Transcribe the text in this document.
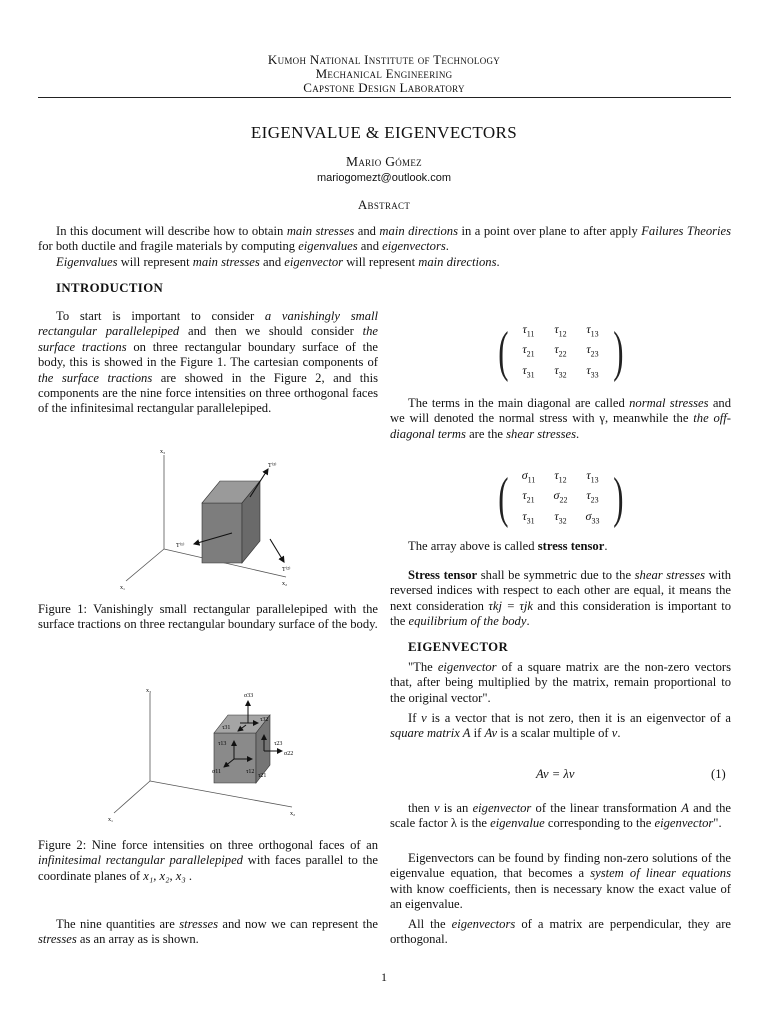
Kumoh National Institute of Technology
Mechanical Engineering
Capstone Design Laboratory
EIGENVALUE & EIGENVECTORS
Mario Gómez
mariogomezt@outlook.com
Abstract

In this document will describe how to obtain main stresses and main directions in a point over plane to after apply Failures Theories for both ductile and fragile materials by computing eigenvalues and eigenvectors.

Eigenvalues will represent main stresses and eigenvector will represent main directions.

INTRODUCTION

To start is important to consider a vanishingly small rectangular parallelepiped and then we should consider the surface tractions on three rectangular boundary surface of the body, this is showed in the Figure 1. The cartesian components of the surface tractions are showed in the Figure 2, and this components are the nine force intensities on three orthogonal faces of the infinitesimal rectangular parallelepiped.

x₃
x₁
x₂
T⁽³⁾
T⁽¹⁾
T⁽²⁾

Figure 1: Vanishingly small rectangular parallelepiped with the surface tractions on three rectangular boundary surface of the body.

x₃
x₁
x₂
σ33
τ32
τ31
τ23
σ22
τ13
τ12
σ11
τ21

Figure 2: Nine force intensities on three orthogonal faces of an infinitesimal rectangular parallelepiped with faces parallel to the coordinate planes of x₁, x₂, x₃ .

The nine quantities are stresses and now we can represent the stresses as an array as is shown.

(	$\tau_{11}$	$\tau_{12}$	$\tau_{13}$
$\tau_{21}$	$\tau_{22}$	$\tau_{23}$
$\tau_{31}$	$\tau_{32}$	$\tau_{33}$ )

The terms in the main diagonal are called normal stresses and we will denoted the normal stress with γ, meanwhile the the off-diagonal terms are the shear stresses.

(	$\sigma_{11}$	$\tau_{12}$	$\tau_{13}$
$\tau_{21}$	$\sigma_{22}$	$\tau_{23}$
$\tau_{31}$	$\tau_{32}$	$\sigma_{33}$ )

The array above is called stress tensor.

Stress tensor shall be symmetric due to the shear stresses with reversed indices with respect to each other are equal, it means the next consideration τkj = τjk and this consideration is important to the equilibrium of the body.

EIGENVECTOR

"The eigenvector of a square matrix are the non-zero vectors that, after being multiplied by the matrix, remain proportional to the original vector".

If v is a vector that is not zero, then it is an eigenvector of a square matrix A if Av is a scalar multiple of v.

Av = λv	(1)

then v is an eigenvector of the linear transformation A and the scale factor λ is the eigenvalue corresponding to the eigenvector".

Eigenvectors can be found by finding non-zero solutions of the eigenvalue equation, that becomes a system of linear equations with know coefficients, then is necessary know the exact value of an eigenvalue.

All the eigenvectors of a matrix are perpendicular, they are orthogonal.

1
